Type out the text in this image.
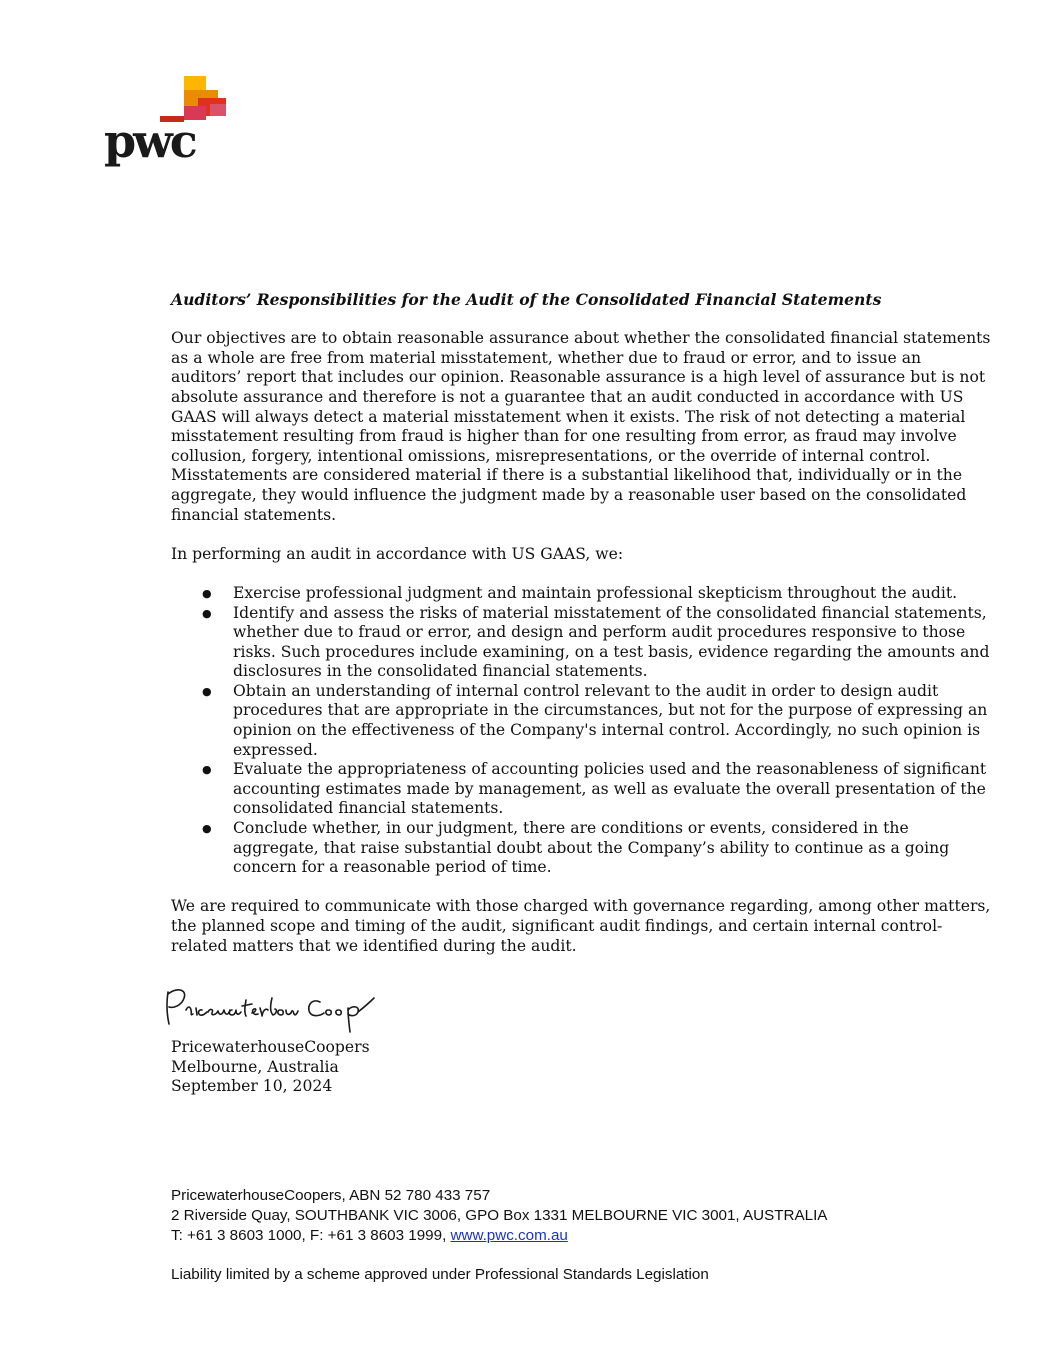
pwc

Auditors’ Responsibilities for the Audit of the Consolidated Financial Statements

Our objectives are to obtain reasonable assurance about whether the consolidated financial statements as a whole are free from material misstatement, whether due to fraud or error, and to issue an auditors’ report that includes our opinion. Reasonable assurance is a high level of assurance but is not absolute assurance and therefore is not a guarantee that an audit conducted in accordance with US GAAS will always detect a material misstatement when it exists. The risk of not detecting a material misstatement resulting from fraud is higher than for one resulting from error, as fraud may involve collusion, forgery, intentional omissions, misrepresentations, or the override of internal control. Misstatements are considered material if there is a substantial likelihood that, individually or in the aggregate, they would influence the judgment made by a reasonable user based on the consolidated financial statements.

In performing an audit in accordance with US GAAS, we:

● Exercise professional judgment and maintain professional skepticism throughout the audit.
● Identify and assess the risks of material misstatement of the consolidated financial statements, whether due to fraud or error, and design and perform audit procedures responsive to those risks. Such procedures include examining, on a test basis, evidence regarding the amounts and disclosures in the consolidated financial statements.
● Obtain an understanding of internal control relevant to the audit in order to design audit procedures that are appropriate in the circumstances, but not for the purpose of expressing an opinion on the effectiveness of the Company's internal control. Accordingly, no such opinion is expressed.
● Evaluate the appropriateness of accounting policies used and the reasonableness of significant accounting estimates made by management, as well as evaluate the overall presentation of the consolidated financial statements.
● Conclude whether, in our judgment, there are conditions or events, considered in the aggregate, that raise substantial doubt about the Company’s ability to continue as a going concern for a reasonable period of time.

We are required to communicate with those charged with governance regarding, among other matters, the planned scope and timing of the audit, significant audit findings, and certain internal control-related matters that we identified during the audit.

PricewaterhouseCoopers
Melbourne, Australia
September 10, 2024
PricewaterhouseCoopers, ABN 52 780 433 757
2 Riverside Quay, SOUTHBANK VIC 3006, GPO Box 1331 MELBOURNE VIC 3001, AUSTRALIA
T: +61 3 8603 1000, F: +61 3 8603 1999, www.pwc.com.au
Liability limited by a scheme approved under Professional Standards Legislation
